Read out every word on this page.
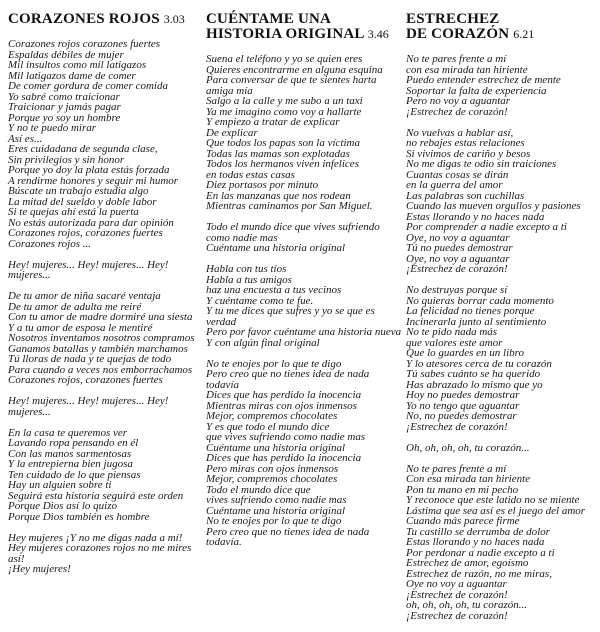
CORAZONES ROJOS 3.03
Corazones rojos corazones fuertes
Espaldas débiles de mujer
Mil insultos como mil latigazos
Mil latigazos dame de comer
De comer gordura de comer comida
Yo sabré como traicionar
Traicionar y jamás pagar
Porque yo soy un hombre
Y no te puedo mirar
Así es...
Eres cuidadana de segunda clase,
Sin privilegios y sin honor
Porque yo doy la plata estás forzada
A rendirme honores y seguir mi humor
Búscate un trabajo estudia algo
La mitad del sueldo y doble labor
Si te quejas ahí está la puerta
No estás autorizada para dar opinión
Corazones rojos, corazones fuertes
Corazones rojos ...
Hey! mujeres... Hey! mujeres... Hey! mujeres...
De tu amor de niña sacaré ventaja
De tu amor de adulta me reiré
Con tu amor de madre dormiré una siesta
Y a tu amor de esposa le mentiré
Nosotros inventamos nosotros compramos
Ganamos batallas y también marchamos
Tú lloras de nada y te quejas de todo
Para cuando a veces nos emborrachamos
Corazones rojos, corazones fuertes
Hey! mujeres... Hey! mujeres... Hey! mujeres...
En la casa te queremos ver
Lavando ropa pensando en él
Con las manos sarmentosas
Y la entrepierna bien jugosa
Ten cuidado de lo que piensas
Hay un alguien sobre ti
Seguirá esta historia seguirá este orden
Porque Dios así lo quizo
Porque Dios también es hombre
Hey mujeres ¡Y no me digas nada a mí!
Hey mujeres corazones rojos no me mires así!
¡Hey mujeres!
CUÉNTAME UNA
HISTORIA ORIGINAL 3.46
Suena el teléfono y yo se quien eres
Quieres encontrarme en alguna esquina
Para conversar de que te sientes harta
amiga mía
Salgo a la calle y me subo a un taxi
Ya me imagino como voy a hallarte
Y empiezo a tratar de explicar
De explicar
Que todos los papas son la víctima
Todas las mamas son explotadas
Todos los hermanos viven infelices
en todas estas casas
Diez portasos por minuto
En las manzanas que nos rodean
Mientras caminamos por San Miguel.
Todo el mundo dice que vives sufriendo como nadie mas
Cuéntame una historia original
Habla con tus tíos
Habla a tus amigos
haz una encuesta a tus vecinos
Y cuéntame como te fue.
Y tu me dices que sufres y yo se que es verdad
Pero por favor cuéntame una historia nueva
Y con algún final original
No te enojes por lo que te digo
Pero creo que no tienes idea de nada todavía
Dices que has perdido la inocencia
Mientras miras con ojos inmensos
Mejor, compremos chocolates
Y es que todo el mundo dice
que vives sufriendo como nadie mas
Cuéntame una historia original
Dices que has perdido la inocencia
Pero miras con ojos inmensos
Mejor, compremos chocolates
Todo el mundo dice que
vives sufriendo como nadie mas
Cuéntame una historia original
No te enojes por lo que te digo
Pero creo que no tienes idea de nada todavía.
ESTRECHEZ
DE CORAZÓN 6.21
No te pares frente a mí
con esa mirada tan hiriente
Puedo entender estrechez de mente
Soportar la falta de experiencia
Pero no voy a aguantar
¡Estrechez de corazón!
No vuelvas a hablar así,
no rebajes estas relaciones
Si vivimos de cariño y besos
No me digas te odio sin traiciones
Cuantas cosas se dirán
en la guerra del amor
Las palabras son cuchillas
Cuando las mueven orgullos y pasiones
Estas llorando y no haces nada
Por comprender a nadie excepto a ti
Oye, no voy a aguantar
Tú no puedes demostrar
Oye, no voy a aguantar
¡Estrechez de corazón!
No destruyas porque sí
No quieras borrar cada momento
La felicidad no tienes porque
Incinerarla junto al sentimiento
No te pido nada más
que valores este amor
Que lo guardes en un libro
Y lo atesores cerca de tu corazón
Tú sabes cuánto se ha querido
Has abrazado lo mismo que yo
Hoy no puedes demostrar
Yo no tengo que aguantar
No, no puedes demostrar
¡Estrechez de corazón!
Oh, oh, oh, oh, tu corazón...
No te pares frente a mí
Con esa mirada tan hiriente
Pon tu mano en mi pecho
Y reconoce que este latido no se miente
Lástima que sea así es el juego del amor
Cuando más parece firme
Tu castillo se derrumba de dolor
Estas llorando y no haces nada
Por perdonar a nadie excepto a ti
Estrechez de amor, egoísmo
Estrechez de razón, no me miras,
Oye no voy a aguantar
¡Estrechez de corazón!
oh, oh, oh, oh, tu corazón...
¡Estrechez de corazón!
